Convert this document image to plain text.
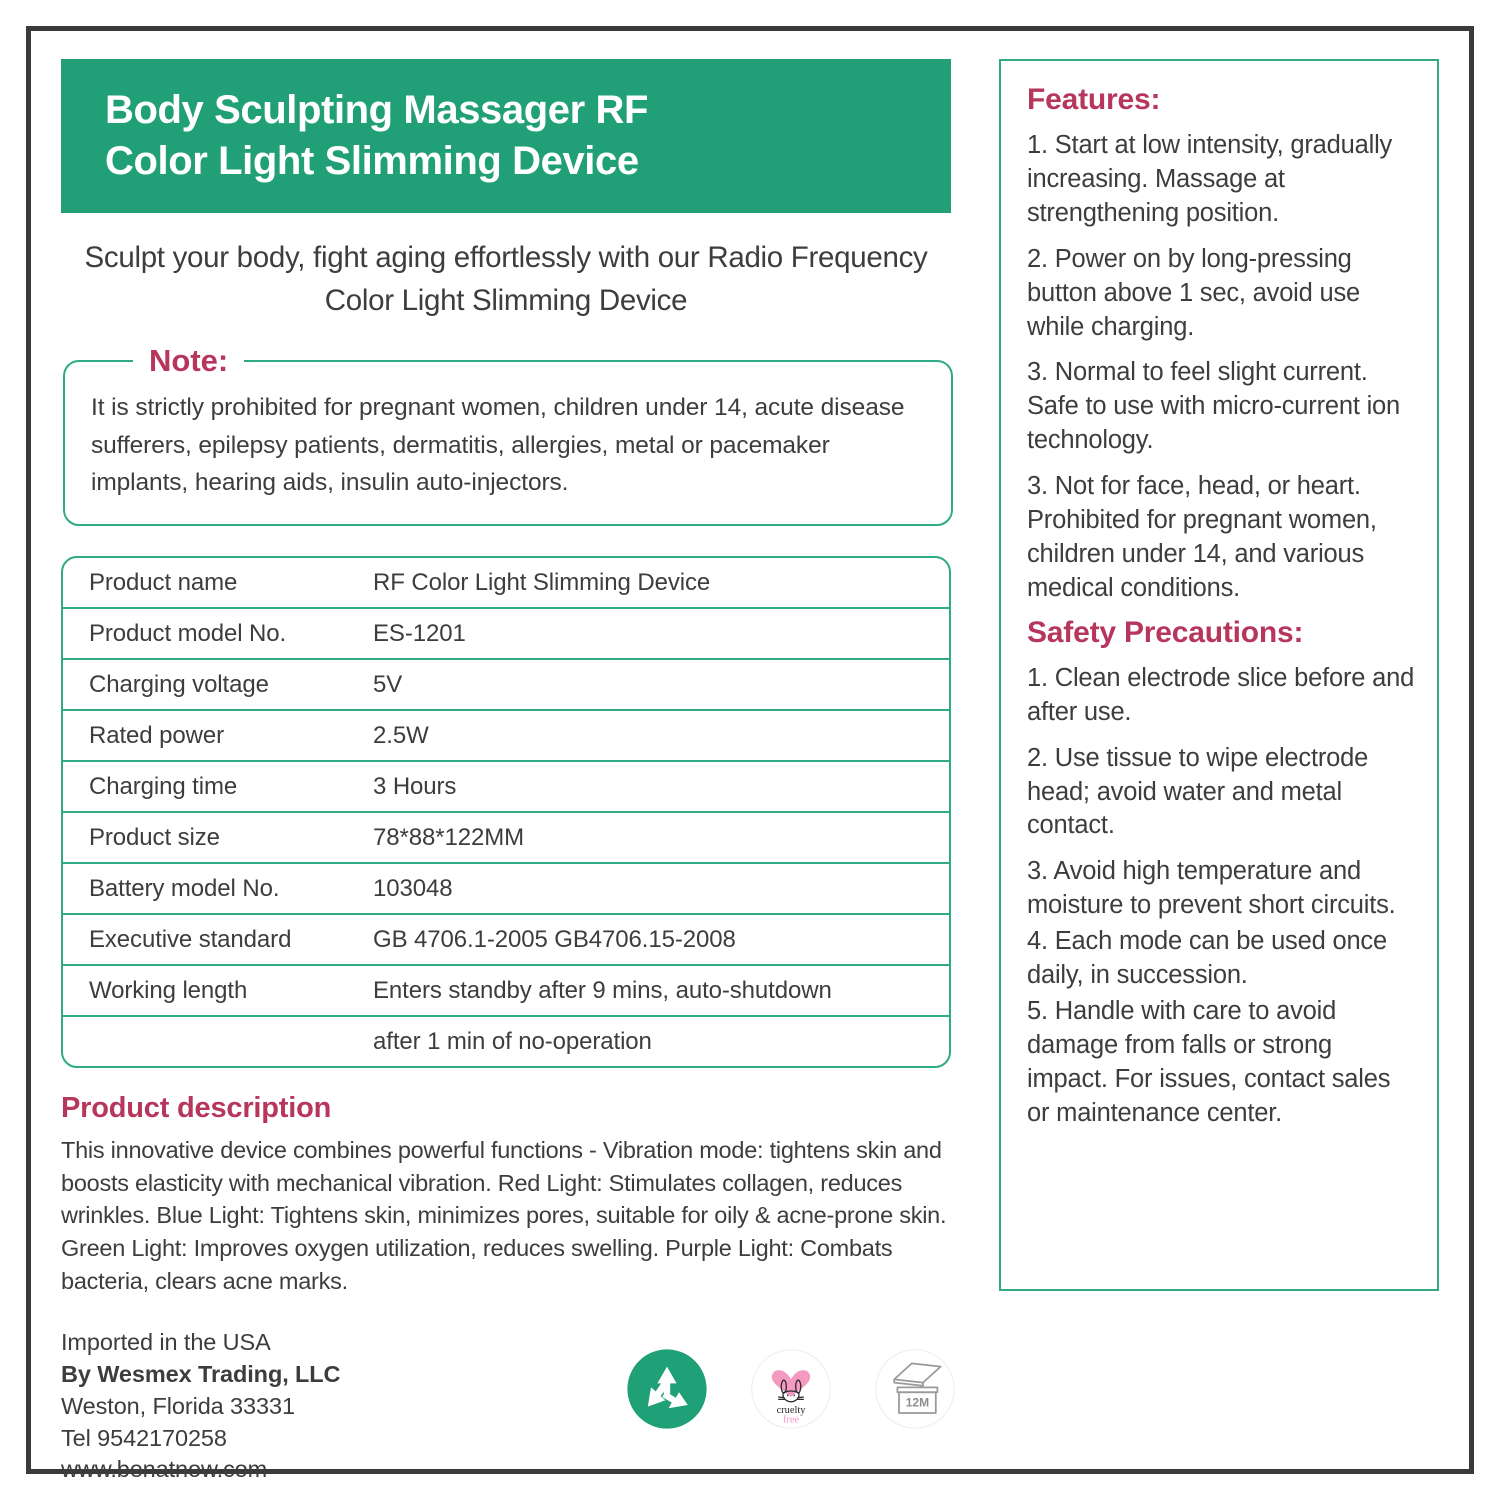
Body Sculpting Massager RF
Color Light Slimming Device
Sculpt your body, fight aging effortlessly with our Radio Frequency Color Light Slimming Device
Note:
It is strictly prohibited for pregnant women, children under 14, acute disease sufferers, epilepsy patients, dermatitis, allergies, metal or pacemaker implants, hearing aids, insulin auto-injectors.
Product name	RF Color Light Slimming Device
Product model No.	ES-1201
Charging voltage	5V
Rated power	2.5W
Charging time	3 Hours
Product size	78*88*122MM
Battery model No.	103048
Executive standard	GB 4706.1-2005 GB4706.15-2008
Working length	Enters standby after 9 mins, auto-shutdown
	after 1 min of no-operation
Product description
This innovative device combines powerful functions - Vibration mode: tightens skin and boosts elasticity with mechanical vibration. Red Light: Stimulates collagen, reduces wrinkles. Blue Light: Tightens skin, minimizes pores, suitable for oily & acne-prone skin. Green Light: Improves oxygen utilization, reduces swelling. Purple Light: Combats bacteria, clears acne marks.
Imported in the USA
By Wesmex Trading, LLC
Weston, Florida 33331
Tel 9542170258
www.benatnow.com
cruelty
free
12M
Features:
1. Start at low intensity, gradually increasing. Massage at strengthening position.
2. Power on by long-pressing button above 1 sec, avoid use while charging.
3. Normal to feel slight current. Safe to use with micro-current ion technology.
3. Not for face, head, or heart. Prohibited for pregnant women, children under 14, and various medical conditions.
Safety Precautions:
1. Clean electrode slice before and after use.
2. Use tissue to wipe electrode head; avoid water and metal contact.
3. Avoid high temperature and moisture to prevent short circuits.
4. Each mode can be used once daily, in succession.
5. Handle with care to avoid damage from falls or strong impact. For issues, contact sales or maintenance center.
